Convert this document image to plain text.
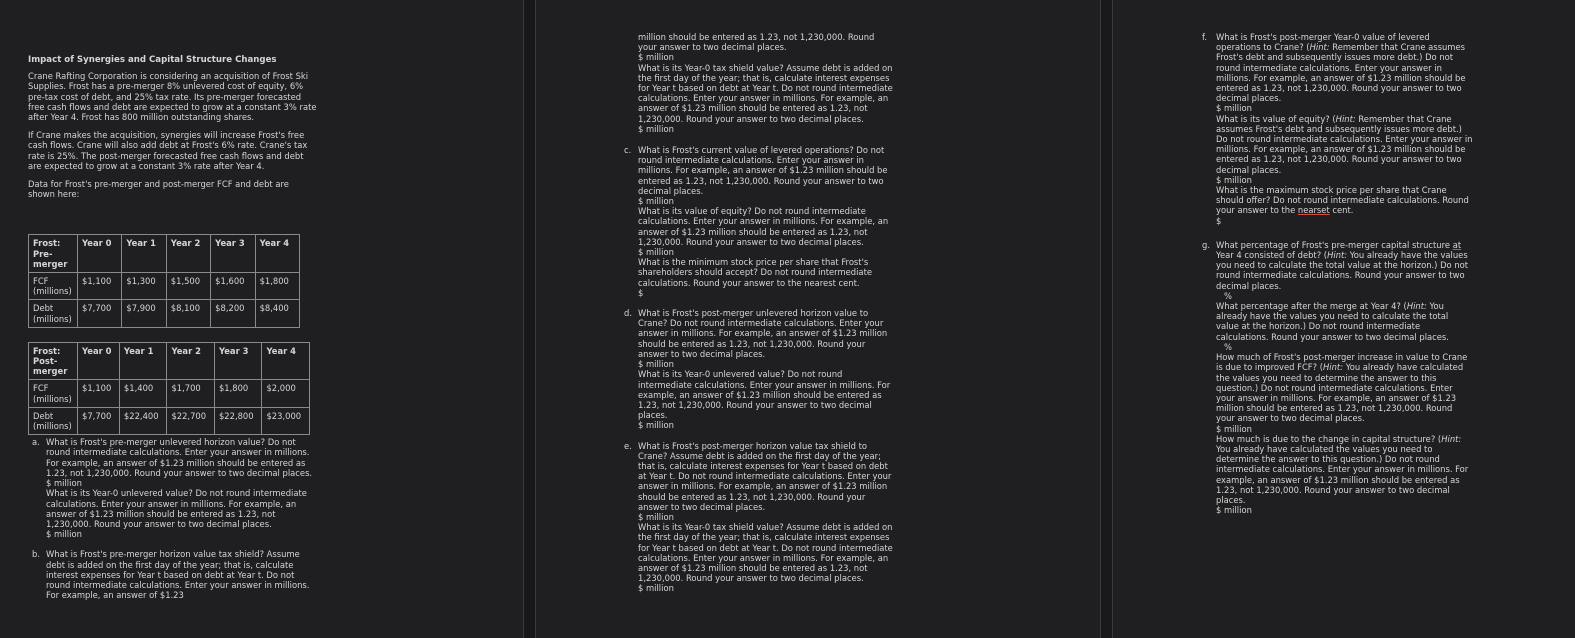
Impact of Synergies and Capital Structure Changes
Crane Rafting Corporation is considering an acquisition of Frost Ski Supplies. Frost has a pre-merger 8% unlevered cost of equity, 6% pre-tax cost of debt, and 25% tax rate. Its pre-merger forecasted free cash flows and debt are expected to grow at a constant 3% rate after Year 4. Frost has 800 million outstanding shares.
If Crane makes the acquisition, synergies will increase Frost's free cash flows. Crane will also add debt at Frost's 6% rate. Crane's tax rate is 25%. The post-merger forecasted free cash flows and debt are expected to grow at a constant 3% rate after Year 4.
Data for Frost's pre-merger and post-merger FCF and debt are shown here:
Frost: Pre-merger	Year 0	Year 1	Year 2	Year 3	Year 4
FCF (millions)	$1,100	$1,300	$1,500	$1,600	$1,800
Debt (millions)	$7,700	$7,900	$8,100	$8,200	$8,400
Frost: Post-merger	Year 0	Year 1	Year 2	Year 3	Year 4
FCF (millions)	$1,100	$1,400	$1,700	$1,800	$2,000
Debt (millions)	$7,700	$22,400	$22,700	$22,800	$23,000
a. What is Frost's pre-merger unlevered horizon value? Do not round intermediate calculations. Enter your answer in millions. For example, an answer of $1.23 million should be entered as 1.23, not 1,230,000. Round your answer to two decimal places.
$ million
What is its Year-0 unlevered value? Do not round intermediate calculations. Enter your answer in millions. For example, an answer of $1.23 million should be entered as 1.23, not 1,230,000. Round your answer to two decimal places.
$ million
b. What is Frost's pre-merger horizon value tax shield? Assume debt is added on the first day of the year; that is, calculate interest expenses for Year t based on debt at Year t. Do not round intermediate calculations. Enter your answer in millions. For example, an answer of $1.23
million should be entered as 1.23, not 1,230,000. Round your answer to two decimal places.
$ million
What is its Year-0 tax shield value? Assume debt is added on the first day of the year; that is, calculate interest expenses for Year t based on debt at Year t. Do not round intermediate calculations. Enter your answer in millions. For example, an answer of $1.23 million should be entered as 1.23, not 1,230,000. Round your answer to two decimal places.
$ million
c. What is Frost's current value of levered operations? Do not round intermediate calculations. Enter your answer in millions. For example, an answer of $1.23 million should be entered as 1.23, not 1,230,000. Round your answer to two decimal places.
$ million
What is its value of equity? Do not round intermediate calculations. Enter your answer in millions. For example, an answer of $1.23 million should be entered as 1.23, not 1,230,000. Round your answer to two decimal places.
$ million
What is the minimum stock price per share that Frost's shareholders should accept? Do not round intermediate calculations. Round your answer to the nearest cent.
$
d. What is Frost's post-merger unlevered horizon value to Crane? Do not round intermediate calculations. Enter your answer in millions. For example, an answer of $1.23 million should be entered as 1.23, not 1,230,000. Round your answer to two decimal places.
$ million
What is its Year-0 unlevered value? Do not round intermediate calculations. Enter your answer in millions. For example, an answer of $1.23 million should be entered as 1.23, not 1,230,000. Round your answer to two decimal places.
$ million
e. What is Frost's post-merger horizon value tax shield to Crane? Assume debt is added on the first day of the year; that is, calculate interest expenses for Year t based on debt at Year t. Do not round intermediate calculations. Enter your answer in millions. For example, an answer of $1.23 million should be entered as 1.23, not 1,230,000. Round your answer to two decimal places.
$ million
What is its Year-0 tax shield value? Assume debt is added on the first day of the year; that is, calculate interest expenses for Year t based on debt at Year t. Do not round intermediate calculations. Enter your answer in millions. For example, an answer of $1.23 million should be entered as 1.23, not 1,230,000. Round your answer to two decimal places.
$ million
f. What is Frost's post-merger Year-0 value of levered operations to Crane? (Hint: Remember that Crane assumes Frost's debt and subsequently issues more debt.) Do not round intermediate calculations. Enter your answer in millions. For example, an answer of $1.23 million should be entered as 1.23, not 1,230,000. Round your answer to two decimal places.
$ million
What is its value of equity? (Hint: Remember that Crane assumes Frost's debt and subsequently issues more debt.) Do not round intermediate calculations. Enter your answer in millions. For example, an answer of $1.23 million should be entered as 1.23, not 1,230,000. Round your answer to two decimal places.
$ million
What is the maximum stock price per share that Crane should offer? Do not round intermediate calculations. Round your answer to the nearset cent.
$
g. What percentage of Frost's pre-merger capital structure at Year 4 consisted of debt? (Hint: You already have the values you need to calculate the total value at the horizon.) Do not round intermediate calculations. Round your answer to two decimal places.
%
What percentage after the merge at Year 4? (Hint: You already have the values you need to calculate the total value at the horizon.) Do not round intermediate calculations. Round your answer to two decimal places.
%
How much of Frost's post-merger increase in value to Crane is due to improved FCF? (Hint: You already have calculated the values you need to determine the answer to this question.) Do not round intermediate calculations. Enter your answer in millions. For example, an answer of $1.23 million should be entered as 1.23, not 1,230,000. Round your answer to two decimal places.
$ million
How much is due to the change in capital structure? (Hint: You already have calculated the values you need to determine the answer to this question.) Do not round intermediate calculations. Enter your answer in millions. For example, an answer of $1.23 million should be entered as 1.23, not 1,230,000. Round your answer to two decimal places.
$ million
